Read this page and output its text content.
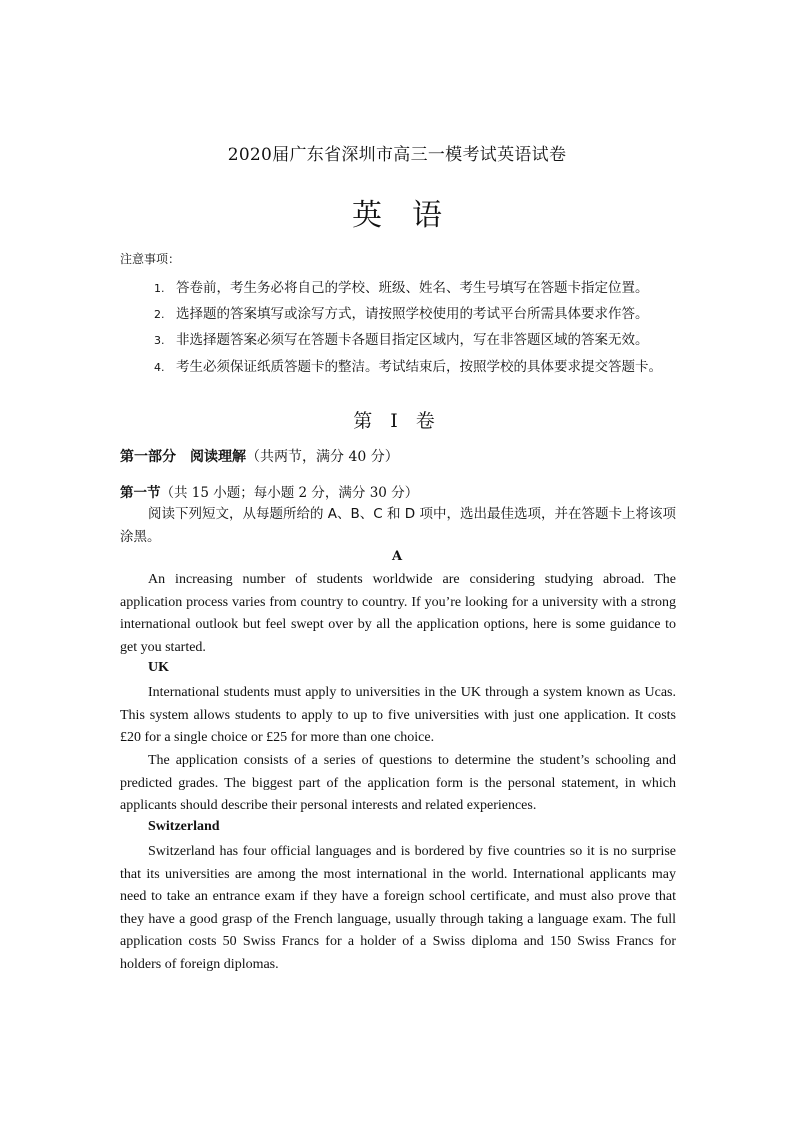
2020届广东省深圳市高三一模考试英语试卷
英语
注意事项：
1. 答卷前，考生务必将自己的学校、班级、姓名、考生号填写在答题卡指定位置。
2. 选择题的答案填写或涂写方式，请按照学校使用的考试平台所需具体要求作答。
3. 非选择题答案必须写在答题卡各题目指定区域内，写在非答题区域的答案无效。
4. 考生必须保证纸质答题卡的整洁。考试结束后，按照学校的具体要求提交答题卡。
第 I 卷
第一部分　阅读理解（共两节，满分 40 分）
第一节（共 15 小题；每小题 2 分，满分 30 分）
阅读下列短文，从每题所给的 A、B、C 和 D 项中，选出最佳选项，并在答题卡上将该项涂黑。
A
An increasing number of students worldwide are considering studying abroad. The application process varies from country to country. If you’re looking for a university with a strong international outlook but feel swept over by all the application options, here is some guidance to get you started.
UK
International students must apply to universities in the UK through a system known as Ucas. This system allows students to apply to up to five universities with just one application. It costs £20 for a single choice or £25 for more than one choice.
The application consists of a series of questions to determine the student’s schooling and predicted grades. The biggest part of the application form is the personal statement, in which applicants should describe their personal interests and related experiences.
Switzerland
Switzerland has four official languages and is bordered by five countries so it is no surprise that its universities are among the most international in the world. International applicants may need to take an entrance exam if they have a foreign school certificate, and must also prove that they have a good grasp of the French language, usually through taking a language exam. The full application costs 50 Swiss Francs for a holder of a Swiss diploma and 150 Swiss Francs for holders of foreign diplomas.
